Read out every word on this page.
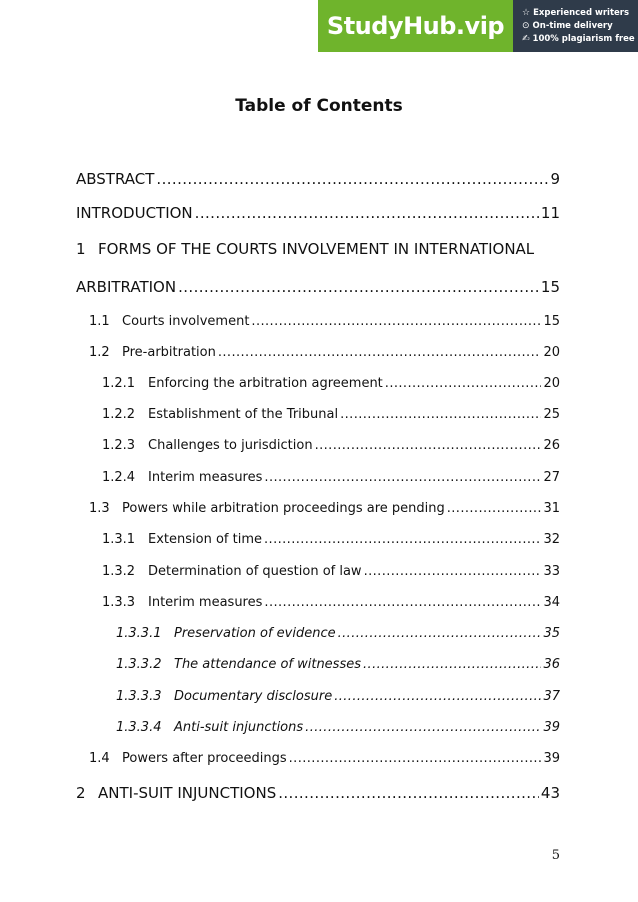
StudyHub.vip	☆ Experienced writers
⊙ On-time delivery
✍ 100% plagiarism free
Table of Contents
ABSTRACT .....	9
INTRODUCTION .....	11
1 FORMS OF THE COURTS INVOLVEMENT IN INTERNATIONAL
ARBITRATION .....	15
1.1 Courts involvement .....	15
1.2 Pre-arbitration .....	20
1.2.1 Enforcing the arbitration agreement .....	20
1.2.2 Establishment of the Tribunal .....	25
1.2.3 Challenges to jurisdiction .....	26
1.2.4 Interim measures .....	27
1.3 Powers while arbitration proceedings are pending .....	31
1.3.1 Extension of time .....	32
1.3.2 Determination of question of law .....	33
1.3.3 Interim measures .....	34
1.3.3.1 Preservation of evidence .....	35
1.3.3.2 The attendance of witnesses .....	36
1.3.3.3 Documentary disclosure .....	37
1.3.3.4 Anti-suit injunctions .....	39
1.4 Powers after proceedings .....	39
2 ANTI-SUIT INJUNCTIONS .....	43
5
